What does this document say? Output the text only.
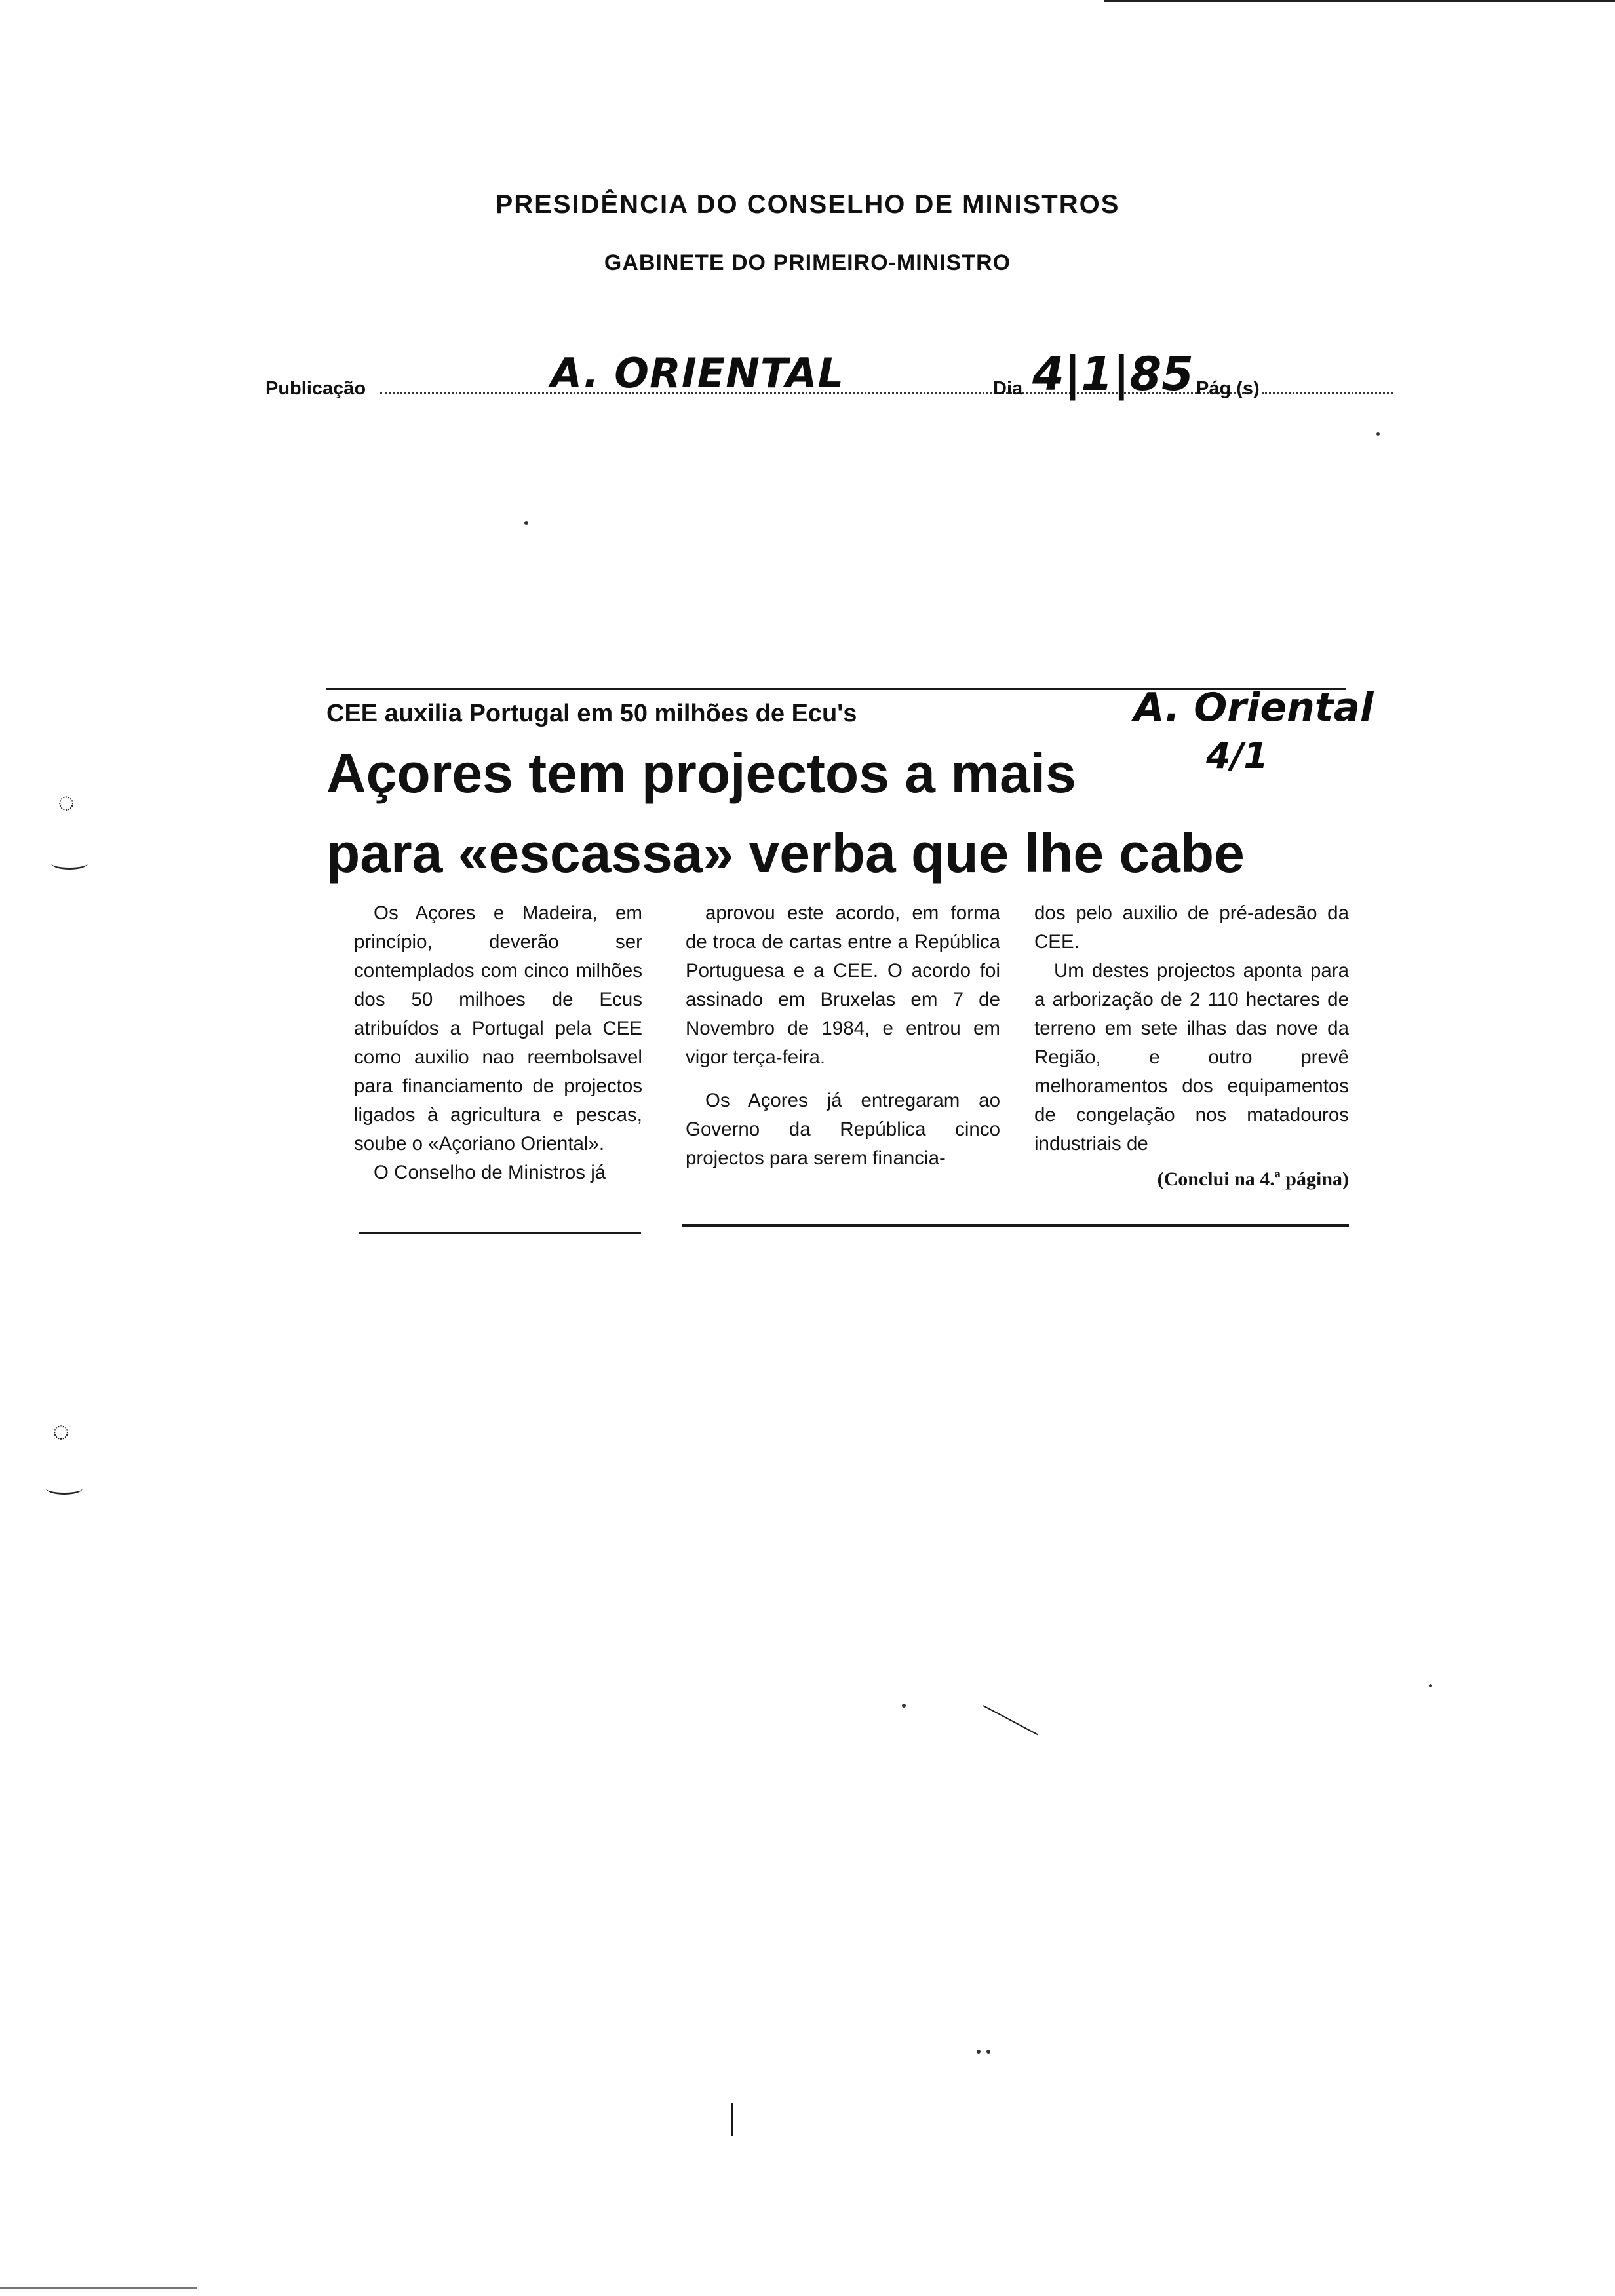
PRESIDÊNCIA DO CONSELHO DE MINISTROS
GABINETE DO PRIMEIRO-MINISTRO
Publicação	A. ORIENTAL	Dia 4|1|85 Pág (s)
◌
◌
CEE auxilia Portugal em 50 milhões de Ecu's	A. Oriental
4/1
Açores tem projectos a mais
para «escassa» verba que lhe cabe

Os Açores e Madeira, em princípio, deverão ser contemplados com cinco milhões dos 50 milhoes de Ecus atribuídos a Portugal pela CEE como auxilio nao reembolsavel para financiamento de projectos ligados à agricultura e pescas, soube o «Açoriano Oriental».

O Conselho de Ministros já

aprovou este acordo, em forma de troca de cartas entre a República Portuguesa e a CEE. O acordo foi assinado em Bruxelas em 7 de Novembro de 1984, e entrou em vigor terça-feira.

Os Açores já entregaram ao Governo da República cinco projectos para serem financia-

dos pelo auxilio de pré-adesão da CEE.

Um destes projectos aponta para a arborização de 2 110 hectares de terreno em sete ilhas das nove da Região, e outro prevê melhoramentos dos equipamentos de congelação nos matadouros industriais de

(Conclui na 4.ª página)
